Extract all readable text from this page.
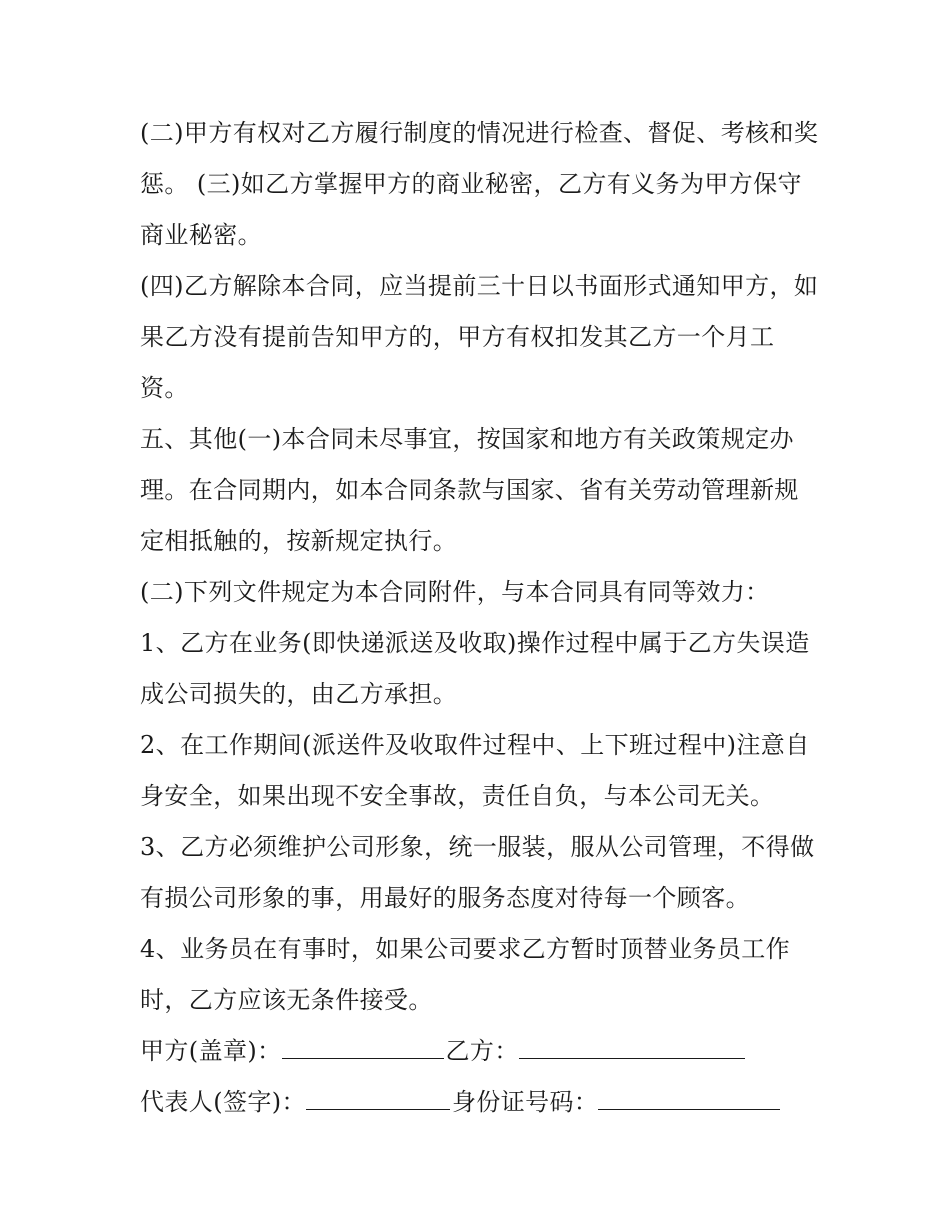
(二)甲方有权对乙方履行制度的情况进行检查、督促、考核和奖惩。 (三)如乙方掌握甲方的商业秘密，乙方有义务为甲方保守商业秘密。

(四)乙方解除本合同，应当提前三十日以书面形式通知甲方，如果乙方没有提前告知甲方的，甲方有权扣发其乙方一个月工资。

五、其他(一)本合同未尽事宜，按国家和地方有关政策规定办理。在合同期内，如本合同条款与国家、省有关劳动管理新规定相抵触的，按新规定执行。

(二)下列文件规定为本合同附件，与本合同具有同等效力：

1、乙方在业务(即快递派送及收取)操作过程中属于乙方失误造成公司损失的，由乙方承担。

2、在工作期间(派送件及收取件过程中、上下班过程中)注意自身安全，如果出现不安全事故，责任自负，与本公司无关。

3、乙方必须维护公司形象，统一服装，服从公司管理，不得做有损公司形象的事，用最好的服务态度对待每一个顾客。

4、业务员在有事时，如果公司要求乙方暂时顶替业务员工作时，乙方应该无条件接受。

甲方(盖章)：	乙方：
代表人(签字)：	身份证号码：
